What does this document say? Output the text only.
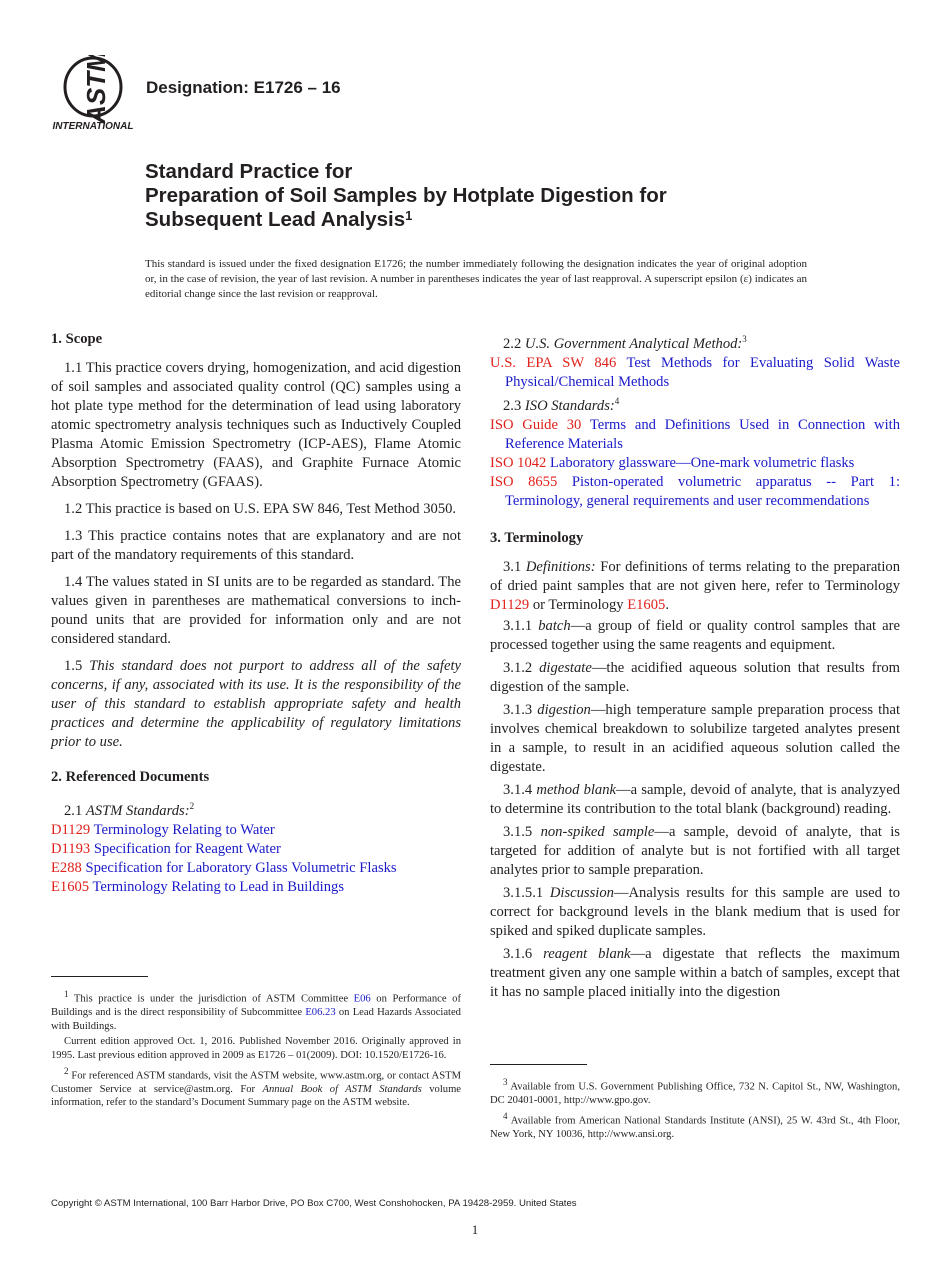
ASTM
INTERNATIONAL
Designation: E1726 – 16
Standard Practice for
Preparation of Soil Samples by Hotplate Digestion for
Subsequent Lead Analysis$^1$
This standard is issued under the fixed designation E1726; the number immediately following the designation indicates the year of original adoption or, in the case of revision, the year of last revision. A number in parentheses indicates the year of last reapproval. A superscript epsilon (ε) indicates an editorial change since the last revision or reapproval.
1. Scope
1.1 This practice covers drying, homogenization, and acid digestion of soil samples and associated quality control (QC) samples using a hot plate type method for the determination of lead using laboratory atomic spectrometry analysis techniques such as Inductively Coupled Plasma Atomic Emission Spectrometry (ICP-AES), Flame Atomic Absorption Spectrometry (FAAS), and Graphite Furnace Atomic Absorption Spectrometry (GFAAS).
1.2 This practice is based on U.S. EPA SW 846, Test Method 3050.
1.3 This practice contains notes that are explanatory and are not part of the mandatory requirements of this standard.
1.4 The values stated in SI units are to be regarded as standard. The values given in parentheses are mathematical conversions to inch-pound units that are provided for information only and are not considered standard.
1.5 This standard does not purport to address all of the safety concerns, if any, associated with its use. It is the responsibility of the user of this standard to establish appropriate safety and health practices and determine the applicability of regulatory limitations prior to use.
2. Referenced Documents
2.1 ASTM Standards:$^2$
D1129 Terminology Relating to Water
D1193 Specification for Reagent Water
E288 Specification for Laboratory Glass Volumetric Flasks
E1605 Terminology Relating to Lead in Buildings
2.2 U.S. Government Analytical Method:$^3$
U.S. EPA SW 846 Test Methods for Evaluating Solid Waste Physical/Chemical Methods
2.3 ISO Standards:$^4$
ISO Guide 30 Terms and Definitions Used in Connection with Reference Materials
ISO 1042 Laboratory glassware—One-mark volumetric flasks
ISO 8655 Piston-operated volumetric apparatus -- Part 1: Terminology, general requirements and user recommendations
3. Terminology
3.1 Definitions: For definitions of terms relating to the preparation of dried paint samples that are not given here, refer to Terminology D1129 or Terminology E1605.
3.1.1 batch—a group of field or quality control samples that are processed together using the same reagents and equipment.
3.1.2 digestate—the acidified aqueous solution that results from digestion of the sample.
3.1.3 digestion—high temperature sample preparation process that involves chemical breakdown to solubilize targeted analytes present in a sample, to result in an acidified aqueous solution called the digestate.
3.1.4 method blank—a sample, devoid of analyte, that is analyzyed to determine its contribution to the total blank (background) reading.
3.1.5 non-spiked sample—a sample, devoid of analyte, that is targeted for addition of analyte but is not fortified with all target analytes prior to sample preparation.
3.1.5.1 Discussion—Analysis results for this sample are used to correct for background levels in the blank medium that is used for spiked and spiked duplicate samples.
3.1.6 reagent blank—a digestate that reflects the maximum treatment given any one sample within a batch of samples, except that it has no sample placed initially into the digestion

$^1$ This practice is under the jurisdiction of ASTM Committee E06 on Performance of Buildings and is the direct responsibility of Subcommittee E06.23 on Lead Hazards Associated with Buildings.

Current edition approved Oct. 1, 2016. Published November 2016. Originally approved in 1995. Last previous edition approved in 2009 as E1726 – 01(2009). DOI: 10.1520/E1726-16.

$^2$ For referenced ASTM standards, visit the ASTM website, www.astm.org, or contact ASTM Customer Service at service@astm.org. For Annual Book of ASTM Standards volume information, refer to the standard’s Document Summary page on the ASTM website.

$^3$ Available from U.S. Government Publishing Office, 732 N. Capitol St., NW, Washington, DC 20401-0001, http://www.gpo.gov.

$^4$ Available from American National Standards Institute (ANSI), 25 W. 43rd St., 4th Floor, New York, NY 10036, http://www.ansi.org.

Copyright © ASTM International, 100 Barr Harbor Drive, PO Box C700, West Conshohocken, PA 19428-2959. United States
1
